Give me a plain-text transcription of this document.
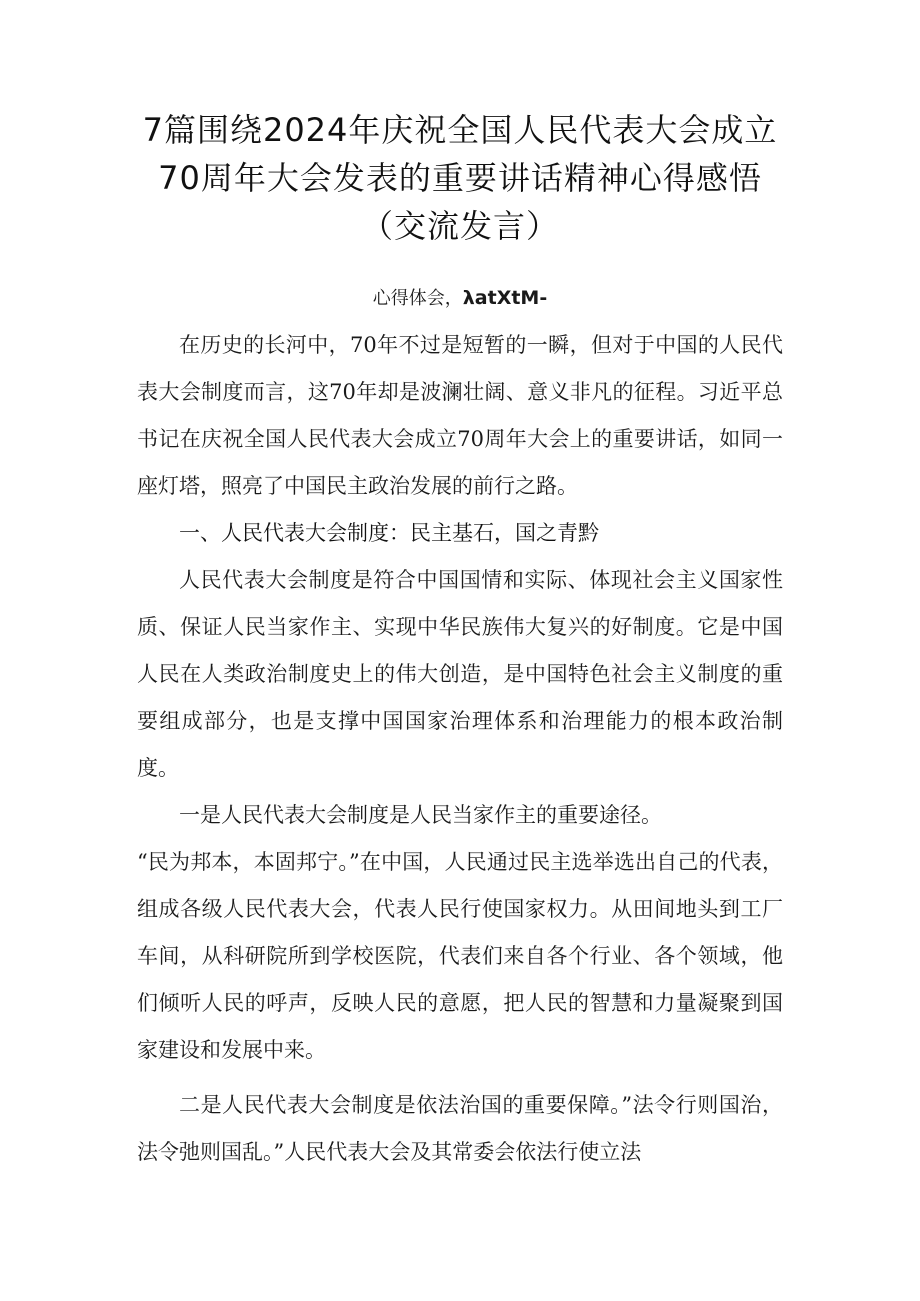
7篇围绕2024年庆祝全国人民代表大会成立70周年大会发表的重要讲话精神心得感悟（交流发言）
心得体会，λatXtM-

在历史的长河中，70年不过是短暂的一瞬，但对于中国的人民代表大会制度而言，这70年却是波澜壮阔、意义非凡的征程。习近平总书记在庆祝全国人民代表大会成立70周年大会上的重要讲话，如同一座灯塔，照亮了中国民主政治发展的前行之路。

一、人民代表大会制度：民主基石，国之青黔

人民代表大会制度是符合中国国情和实际、体现社会主义国家性质、保证人民当家作主、实现中华民族伟大复兴的好制度。它是中国人民在人类政治制度史上的伟大创造，是中国特色社会主义制度的重要组成部分，也是支撑中国国家治理体系和治理能力的根本政治制度。

一是人民代表大会制度是人民当家作主的重要途径。

“民为邦本，本固邦宁。”在中国，人民通过民主选举选出自己的代表，组成各级人民代表大会，代表人民行使国家权力。从田间地头到工厂车间，从科研院所到学校医院，代表们来自各个行业、各个领域，他们倾听人民的呼声，反映人民的意愿，把人民的智慧和力量凝聚到国家建设和发展中来。

二是人民代表大会制度是依法治国的重要保障。”法令行则国治，法令弛则国乱。”人民代表大会及其常委会依法行使立法
